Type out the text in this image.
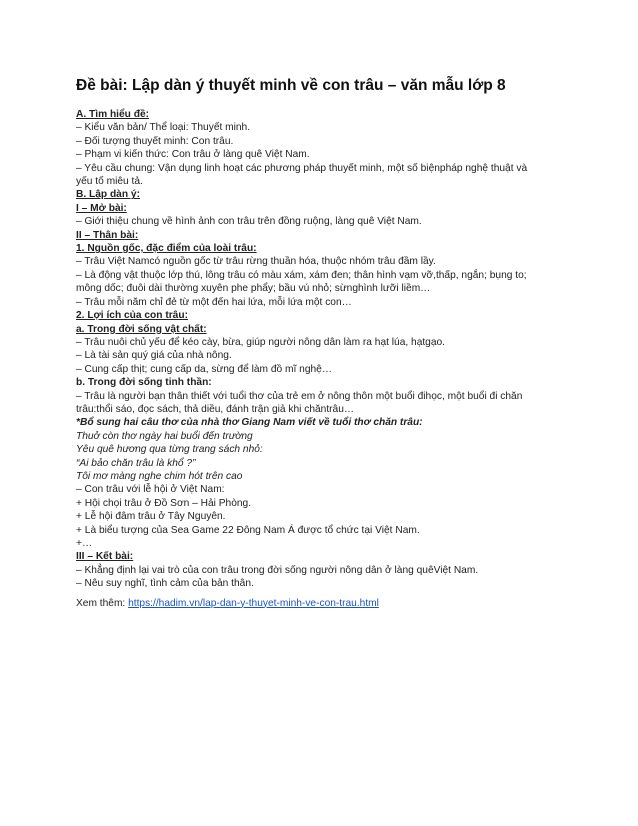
Đề bài: Lập dàn ý thuyết minh về con trâu – văn mẫu lớp 8
A. Tìm hiểu đề:
– Kiểu văn bản/ Thể loại: Thuyết minh.
– Đối tượng thuyết minh: Con trâu.
– Phạm vi kiến thức: Con trâu ở làng quê Việt Nam.
– Yêu cầu chung: Vận dụng linh hoạt các phương pháp thuyết minh, một số biệnpháp nghệ thuật và
yếu tố miêu tả.
B. Lập dàn ý:
I – Mở bài:
– Giới thiệu chung về hình ảnh con trâu trên đồng ruộng, làng quê Việt Nam.
II – Thân bài:
1. Nguồn gốc, đặc điểm của loài trâu:
– Trâu Việt Namcó nguồn gốc từ trâu rừng thuần hóa, thuộc nhóm trâu đầm lầy.
– Là động vật thuộc lớp thú, lông trâu có màu xám, xám đen; thân hình vạm vỡ,thấp, ngắn; bụng to;
mông dốc; đuôi dài thường xuyên phe phẩy; bầu vú nhỏ; sừnghình lưỡi liềm…
– Trâu mỗi năm chỉ đẻ từ một đến hai lứa, mỗi lứa một con…
2. Lợi ích của con trâu:
a. Trong đời sống vật chất:
– Trâu nuôi chủ yếu để kéo cày, bừa, giúp người nông dân làm ra hạt lúa, hạtgạo.
– Là tài sản quý giá của nhà nông.
– Cung cấp thịt; cung cấp da, sừng để làm đồ mĩ nghệ…
b. Trong đời sống tinh thần:
– Trâu là người bạn thân thiết với tuổi thơ của trẻ em ở nông thôn một buổi đihọc, một buổi đi chăn
trâu:thổi sáo, đọc sách, thả diều, đánh trận giả khi chăntrâu…
*Bổ sung hai câu thơ của nhà thơ Giang Nam viết về tuổi thơ chăn trâu:
Thuở còn thơ ngày hai buổi đến trường
Yêu quê hương qua từng trang sách nhỏ:
“Ai bảo chăn trâu là khổ ?”
Tôi mơ màng nghe chim hót trên cao
– Con trâu với lễ hội ở Việt Nam:
+ Hội chọi trâu ở Đồ Sơn – Hải Phòng.
+ Lễ hội đâm trâu ở Tây Nguyên.
+ Là biểu tượng của Sea Game 22 Đông Nam Á được tổ chức tại Việt Nam.
+…
III – Kết bài:
– Khẳng định lại vai trò của con trâu trong đời sống người nông dân ở làng quêViệt Nam.
– Nêu suy nghĩ, tình cảm của bản thân.
Xem thêm: https://hadim.vn/lap-dan-y-thuyet-minh-ve-con-trau.html
